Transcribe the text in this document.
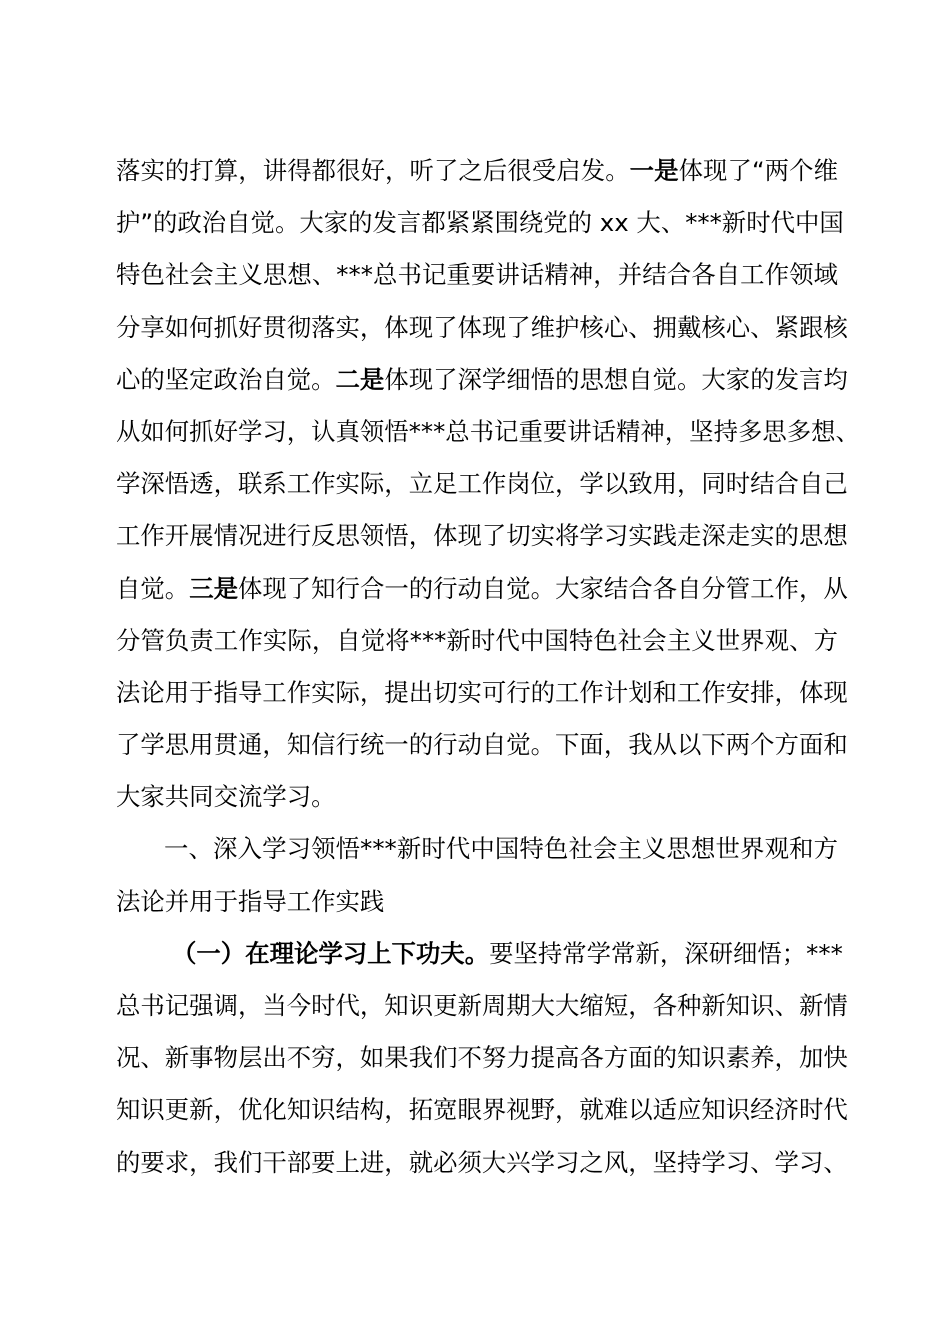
落实的打算，讲得都很好，听了之后很受启发。一是体现了“两个维
护”的政治自觉。大家的发言都紧紧围绕党的 xx 大、***新时代中国
特色社会主义思想、***总书记重要讲话精神，并结合各自工作领域
分享如何抓好贯彻落实，体现了体现了维护核心、拥戴核心、紧跟核
心的坚定政治自觉。二是体现了深学细悟的思想自觉。大家的发言均
从如何抓好学习，认真领悟***总书记重要讲话精神，坚持多思多想、
学深悟透，联系工作实际，立足工作岗位，学以致用，同时结合自己
工作开展情况进行反思领悟，体现了切实将学习实践走深走实的思想
自觉。三是体现了知行合一的行动自觉。大家结合各自分管工作，从
分管负责工作实际，自觉将***新时代中国特色社会主义世界观、方
法论用于指导工作实际，提出切实可行的工作计划和工作安排，体现
了学思用贯通，知信行统一的行动自觉。下面，我从以下两个方面和
大家共同交流学习。
一、深入学习领悟***新时代中国特色社会主义思想世界观和方
法论并用于指导工作实践
（一）在理论学习上下功夫。要坚持常学常新，深研细悟；***
总书记强调，当今时代，知识更新周期大大缩短，各种新知识、新情
况、新事物层出不穷，如果我们不努力提高各方面的知识素养，加快
知识更新，优化知识结构，拓宽眼界视野，就难以适应知识经济时代
的要求，我们干部要上进，就必须大兴学习之风，坚持学习、学习、
